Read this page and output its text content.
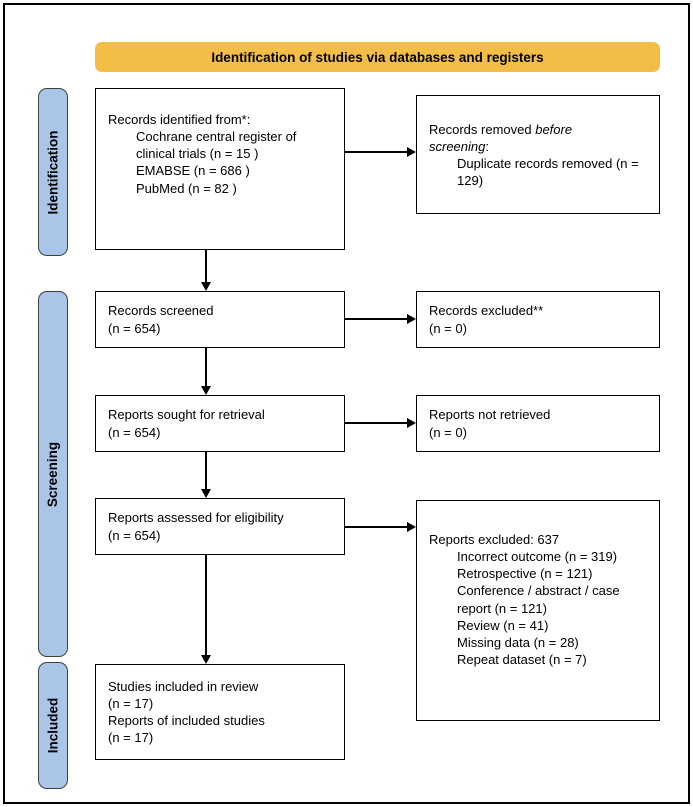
Identification of studies via databases and registers
Identification
Screening
Included
Records identified from*:
Cochrane central register of clinical trials (n = 15 )
EMABSE (n = 686 )
PubMed (n = 82 )
Records removed before screening:
Duplicate records removed (n = 129)
Records screened
(n = 654)
Records excluded**
(n = 0)
Reports sought for retrieval
(n = 654)
Reports not retrieved
(n = 0)
Reports assessed for eligibility
(n = 654)	Reports excluded: 637
Incorrect outcome (n = 319)
Retrospective (n = 121)
Conference / abstract / case report (n = 121)
Review (n = 41)
Missing data (n = 28)
Repeat dataset (n = 7)
Studies included in review
(n = 17)
Reports of included studies
(n = 17)
